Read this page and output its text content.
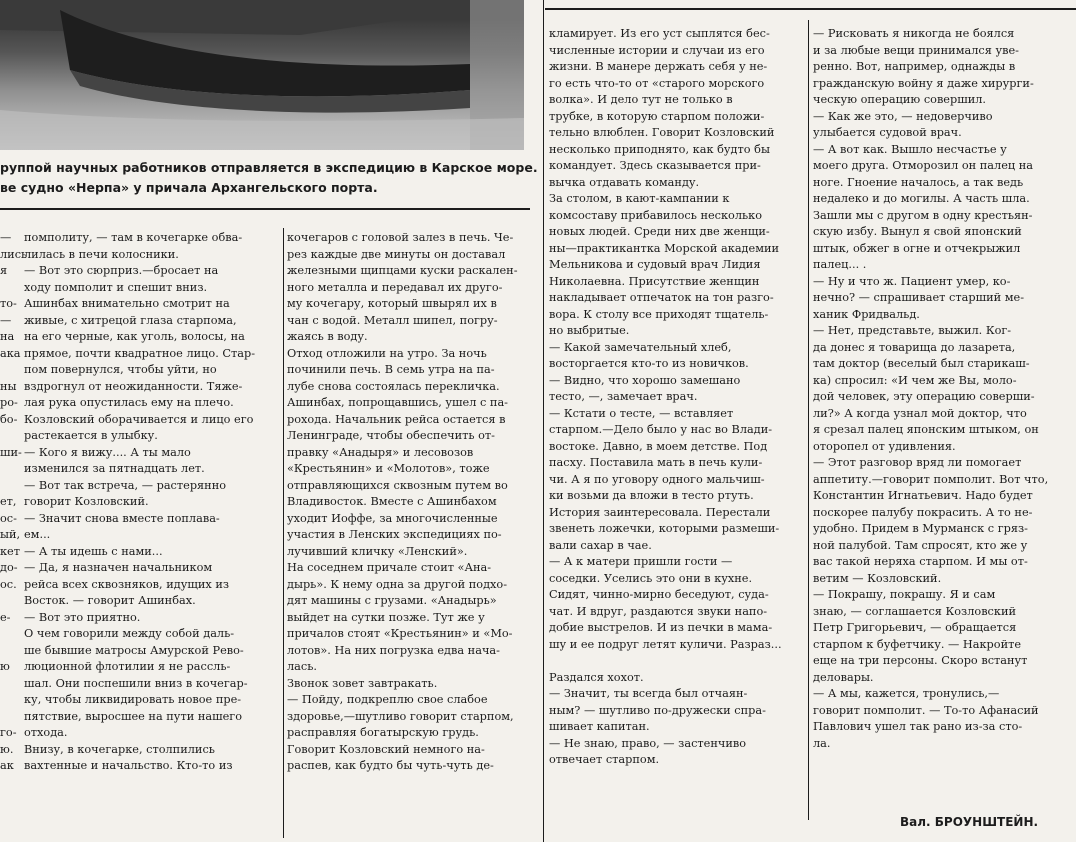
руппой научных работников отправляется в экспедицию в Карское море.
ве судно «Нерпа» у причала Архангельского порта.
—
лись
я
то-
—
на
ака
ны
ро-
бо-
ши-
ет,
ос-
ый,
кет
до-
ос.
е-
ю
го-
ю.
ак
помполиту, — там в кочегарке обва-
лилась в печи колосники.
— Вот это сюрприз.—бросает на
ходу помполит и спешит вниз.
Ашинбах внимательно смотрит на
живые, с хитрецой глаза старпома,
на его черные, как уголь, волосы, на
прямое, почти квадратное лицо. Стар-
пом повернулся, чтобы уйти, но
вздрогнул от неожиданности. Тяже-
лая рука опустилась ему на плечо.
Козловский оборачивается и лицо его
растекается в улыбку.
— Кого я вижу.... А ты мало
изменился за пятнадцать лет.
— Вот так встреча, — растерянно
говорит Козловский.
— Значит снова вместе поплава-
ем...
— А ты идешь с нами...
— Да, я назначен начальником
рейса всех сквозняков, идущих из
Восток. — говорит Ашинбах.
— Вот это приятно.
О чем говорили между собой даль-
ше бывшие матросы Амурской Рево-
люционной флотилии я не рассль-
шал. Они поспешили вниз в кочегар-
ку, чтобы ликвидировать новое пре-
пятствие, выросшее на пути нашего
отхода.
Внизу, в кочегарке, столпились
вахтенные и начальство. Кто-то из
кочегаров с головой залез в печь. Че-
рез каждые две минуты он доставал
железными щипцами куски раскален-
ного металла и передавал их друго-
му кочегару, который швырял их в
чан с водой. Металл шипел, погру-
жаясь в воду.
Отход отложили на утро. За ночь
починили печь. В семь утра на па-
лубе снова состоялась перекличка.
Ашинбах, попрощавшись, ушел с па-
рохода. Начальник рейса остается в
Ленинграде, чтобы обеспечить от-
правку «Анадыря» и лесовозов
«Крестьянин» и «Молотов», тоже
отправляющихся сквозным путем во
Владивосток. Вместе с Ашинбахом
уходит Иоффе, за многочисленные
участия в Ленских экспедициях по-
лучивший кличку «Ленский».
На соседнем причале стоит «Ана-
дырь». К нему одна за другой подхо-
дят машины с грузами. «Анадырь»
выйдет на сутки позже. Тут же у
причалов стоят «Крестьянин» и «Мо-
лотов». На них погрузка едва нача-
лась.
Звонок зовет завтракать.
— Пойду, подкреплю свое слабое
здоровье,—шутливо говорит старпом,
расправляя богатырскую грудь.
Говорит Козловский немного на-
распев, как будто бы чуть-чуть де-
кламирует. Из его уст сыплятся бес-
численные истории и случаи из его
жизни. В манере держать себя у не-
го есть что-то от «старого морского
волка». И дело тут не только в
трубке, в которую старпом положи-
тельно влюблен. Говорит Козловский
несколько приподнято, как будто бы
командует. Здесь сказывается при-
вычка отдавать команду.
За столом, в кают-кампании к
комсоставу прибавилось несколько
новых людей. Среди них две женщи-
ны—практикантка Морской академии
Мельникова и судовый врач Лидия
Николаевна. Присутствие женщин
накладывает отпечаток на тон разго-
вора. К столу все приходят тщатель-
но выбритые.
— Какой замечательный хлеб,
восторгается кто-то из новичков.
— Видно, что хорошо замешано
тесто, —, замечает врач.
— Кстати о тесте, — вставляет
старпом.—Дело было у нас во Влади-
востоке. Давно, в моем детстве. Под
пасху. Поставила мать в печь кули-
чи. А я по уговору одного мальчиш-
ки возьми да вложи в тесто ртуть.
История заинтересовала. Перестали
звенеть ложечки, которыми размеши-
вали сахар в чае.
— А к матери пришли гости —
соседки. Уселись это они в кухне.
Сидят, чинно-мирно беседуют, суда-
чат. И вдруг, раздаются звуки напо-
добие выстрелов. И из печки в мама-
шу и ее подруг летят куличи. Разраз...
Раздался хохот.
— Значит, ты всегда был отчаян-
ным? — шутливо по-дружески спра-
шивает капитан.
— Не знаю, право, — застенчиво
отвечает старпом.
— Рисковать я никогда не боялся
и за любые вещи принимался уве-
ренно. Вот, например, однажды в
гражданскую войну я даже хирурги-
ческую операцию совершил.
— Как же это, — недоверчиво
улыбается судовой врач.
— А вот как. Вышло несчастье у
моего друга. Отморозил он палец на
ноге. Гноение началось, а так ведь
недалеко и до могилы. А часть шла.
Зашли мы с другом в одну крестьян-
скую избу. Вынул я свой японский
штык, обжег в огне и отчекрыжил
палец... .
— Ну и что ж. Пациент умер, ко-
нечно? — спрашивает старший ме-
ханик Фридвальд.
— Нет, представьте, выжил. Ког-
да донес я товарища до лазарета,
там доктор (веселый был старикаш-
ка) спросил: «И чем же Вы, моло-
дой человек, эту операцию соверши-
ли?» А когда узнал мой доктор, что
я срезал палец японским штыком, он
оторопел от удивления.
— Этот разговор вряд ли помогает
аппетиту.—говорит помполит. Вот что,
Константин Игнатьевич. Надо будет
поскорее палубу покрасить. А то не-
удобно. Придем в Мурманск с гряз-
ной палубой. Там спросят, кто же у
вас такой неряха старпом. И мы от-
ветим — Козловский.
— Покрашу, покрашу. Я и сам
знаю, — соглашается Козловский
Петр Григорьевич, — обращается
старпом к буфетчику. — Накройте
еще на три персоны. Скоро встанут
деловары.
— А мы, кажется, тронулись,—
говорит помполит. — То-то Афанасий
Павлович ушел так рано из-за сто-
ла.
Вал. БРОУНШТЕЙН.
